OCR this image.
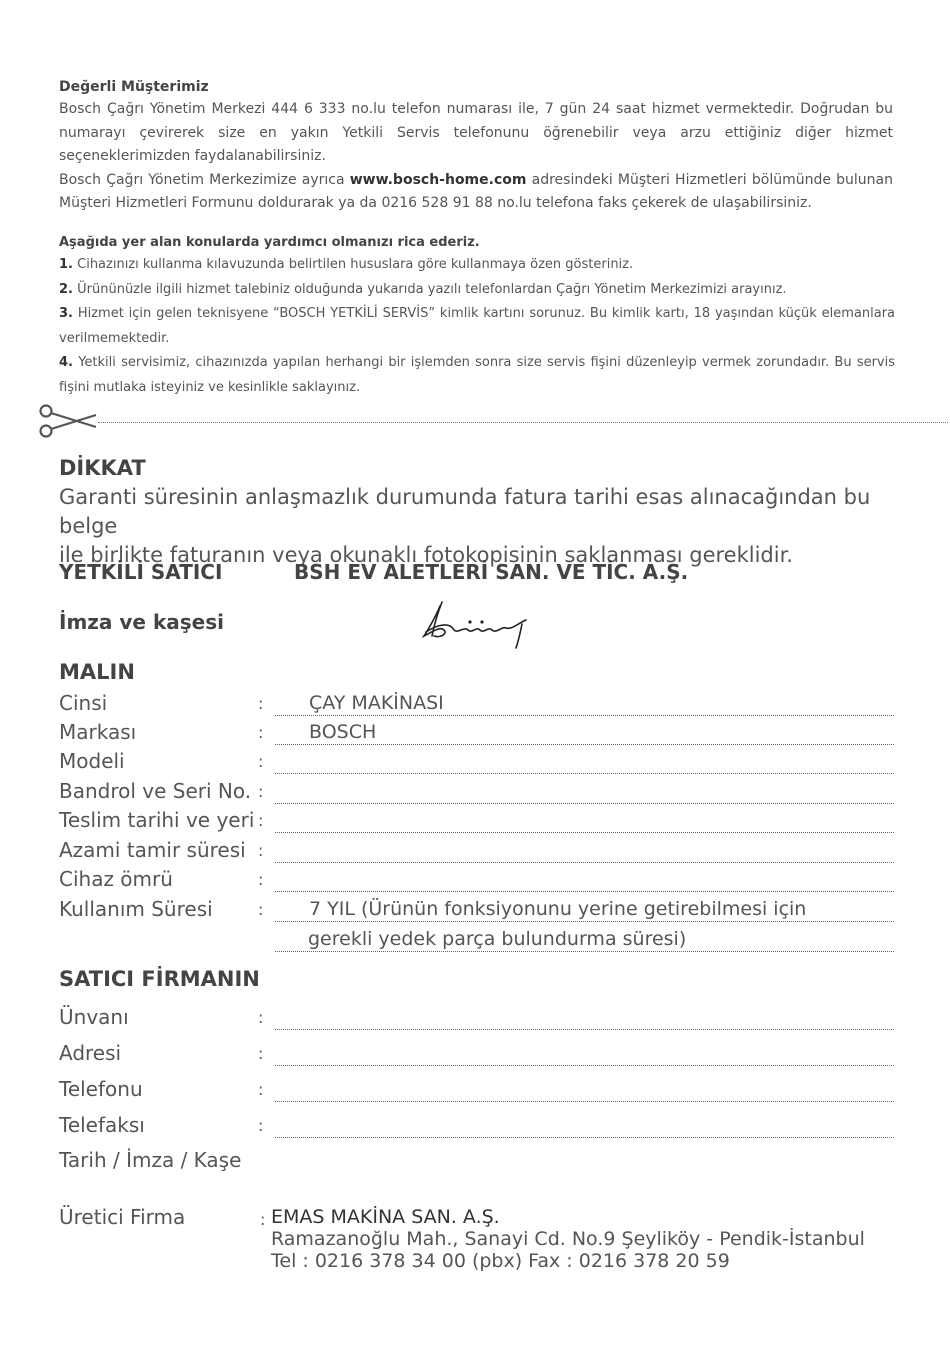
Değerli Müşterimiz

Bosch Çağrı Yönetim Merkezi 444 6 333 no.lu telefon numarası ile, 7 gün 24 saat hizmet vermektedir. Doğrudan bu numarayı çevirerek size en yakın Yetkili Servis telefonunu öğrenebilir veya arzu ettiğiniz diğer hizmet seçeneklerimizden faydalanabilirsiniz.

Bosch Çağrı Yönetim Merkezimize ayrıca www.bosch-home.com adresindeki Müşteri Hizmetleri bölümünde bulunan Müşteri Hizmetleri Formunu doldurarak ya da 0216 528 91 88 no.lu telefona faks çekerek de ulaşabilirsiniz.

Aşağıda yer alan konularda yardımcı olmanızı rica ederiz.
1. Cihazınızı kullanma kılavuzunda belirtilen hususlara göre kullanmaya özen gösteriniz.
2. Ürününüzle ilgili hizmet talebiniz olduğunda yukarıda yazılı telefonlardan Çağrı Yönetim Merkezimizi arayınız.
3. Hizmet için gelen teknisyene “BOSCH YETKİLİ SERVİS” kimlik kartını sorunuz. Bu kimlik kartı, 18 yaşından küçük elemanlara verilmemektedir.
4. Yetkili servisimiz, cihazınızda yapılan herhangi bir işlemden sonra size servis fişini düzenleyip vermek zorundadır. Bu servis fişini mutlaka isteyiniz ve kesinlikle saklayınız.
DİKKAT
Garanti süresinin anlaşmazlık durumunda fatura tarihi esas alınacağından bu belge
ile birlikte faturanın veya okunaklı fotokopisinin saklanması gereklidir.
YETKİLİ SATICI	BSH EV ALETLERİ SAN. VE TİC. A.Ş.
İmza ve kaşesi
MALIN
Cinsi	: ÇAY MAKİNASI
Markası	: BOSCH
Modeli	:
Bandrol ve Seri No. :
Teslim tarihi ve yeri :
Azami tamir süresi :
Cihaz ömrü	:
Kullanım Süresi	: 7 YIL (Ürünün fonksiyonunu yerine getirebilmesi için
gerekli yedek parça bulundurma süresi)
SATICI FİRMANIN
Ünvanı	:
Adresi	:
Telefonu	:
Telefaksı	:
Tarih / İmza / Kaşe
Üretici Firma	: EMAS MAKİNA SAN. A.Ş.
Ramazanoğlu Mah., Sanayi Cd. No.9 Şeyliköy - Pendik-İstanbul
Tel : 0216 378 34 00 (pbx) Fax : 0216 378 20 59
